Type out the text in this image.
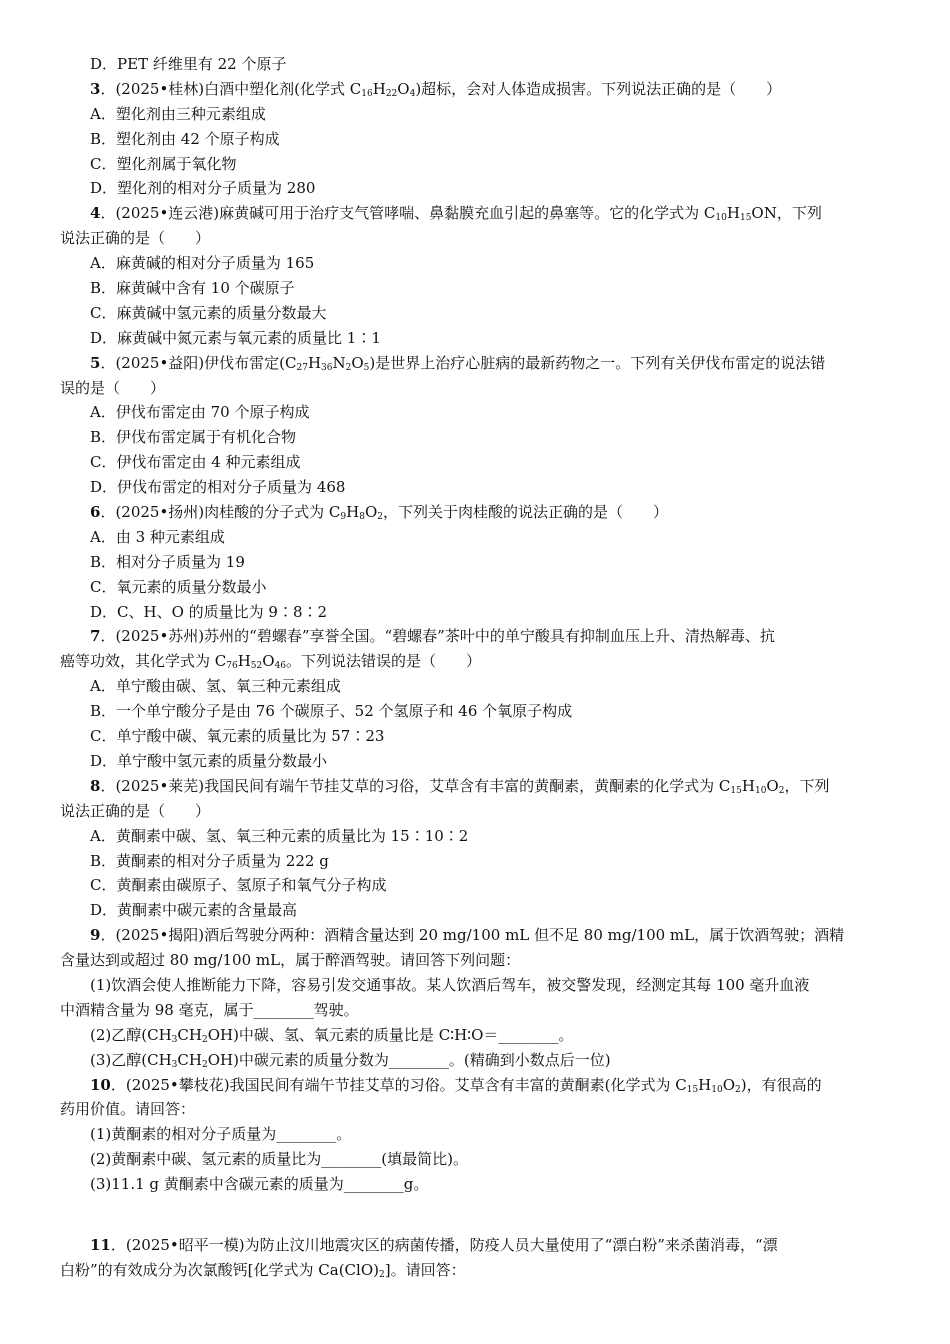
D．PET 纤维里有 22 个原子
3．(2025•桂林)白酒中塑化剂(化学式 $C_{16}H_{22}O_4$)超标，会对人体造成损害。下列说法正确的是（　　）
A．塑化剂由三种元素组成
B．塑化剂由 42 个原子构成
C．塑化剂属于氧化物
D．塑化剂的相对分子质量为 280
4．(2025•连云港)麻黄碱可用于治疗支气管哮喘、鼻黏膜充血引起的鼻塞等。它的化学式为 $C_{10}H_{15}ON$，下列
说法正确的是（　　）
A．麻黄碱的相对分子质量为 165
B．麻黄碱中含有 10 个碳原子
C．麻黄碱中氢元素的质量分数最大
D．麻黄碱中氮元素与氧元素的质量比 1∶1
5．(2025•益阳)伊伐布雷定$(C_{27}H_{36}N_2O_5)$是世界上治疗心脏病的最新药物之一。下列有关伊伐布雷定的说法错
误的是（　　）
A．伊伐布雷定由 70 个原子构成
B．伊伐布雷定属于有机化合物
C．伊伐布雷定由 4 种元素组成
D．伊伐布雷定的相对分子质量为 468
6．(2025•扬州)肉桂酸的分子式为 $C_9H_8O_2$，下列关于肉桂酸的说法正确的是（　　）
A．由 3 种元素组成
B．相对分子质量为 19
C．氧元素的质量分数最小
D．C、H、O 的质量比为 9∶8∶2
7．(2025•苏州)苏州的“碧螺春”享誉全国。“碧螺春”茶叶中的单宁酸具有抑制血压上升、清热解毒、抗
癌等功效，其化学式为 $C_{76}H_{52}O_{46}$。下列说法错误的是（　　）
A．单宁酸由碳、氢、氧三种元素组成
B．一个单宁酸分子是由 76 个碳原子、52 个氢原子和 46 个氧原子构成
C．单宁酸中碳、氧元素的质量比为 57∶23
D．单宁酸中氢元素的质量分数最小
8．(2025•莱芜)我国民间有端午节挂艾草的习俗，艾草含有丰富的黄酮素，黄酮素的化学式为 $C_{15}H_{10}O_2$，下列
说法正确的是（　　）
A．黄酮素中碳、氢、氧三种元素的质量比为 15∶10∶2
B．黄酮素的相对分子质量为 222 g
C．黄酮素由碳原子、氢原子和氧气分子构成
D．黄酮素中碳元素的含量最高
9．(2025•揭阳)酒后驾驶分两种：酒精含量达到 20 mg/100 mL 但不足 80 mg/100 mL，属于饮酒驾驶；酒精
含量达到或超过 80 mg/100 mL，属于醉酒驾驶。请回答下列问题：
(1)饮酒会使人推断能力下降，容易引发交通事故。某人饮酒后驾车，被交警发现，经测定其每 100 毫升血液
中酒精含量为 98 毫克，属于________驾驶。
(2)乙醇$(CH_3CH_2OH)$中碳、氢、氧元素的质量比是 C∶H∶O＝________。
(3)乙醇$(CH_3CH_2OH)$中碳元素的质量分数为________。(精确到小数点后一位)
10．(2025•攀枝花)我国民间有端午节挂艾草的习俗。艾草含有丰富的黄酮素(化学式为 $C_{15}H_{10}O_2$)，有很高的
药用价值。请回答：
(1)黄酮素的相对分子质量为________。
(2)黄酮素中碳、氢元素的质量比为________(填最简比)。
(3)11.1 g 黄酮素中含碳元素的质量为________g。
11．(2025•昭平一模)为防止汶川地震灾区的病菌传播，防疫人员大量使用了“漂白粉”来杀菌消毒，“漂
白粉”的有效成分为次氯酸钙[化学式为 $Ca(ClO)_2$]。请回答：
